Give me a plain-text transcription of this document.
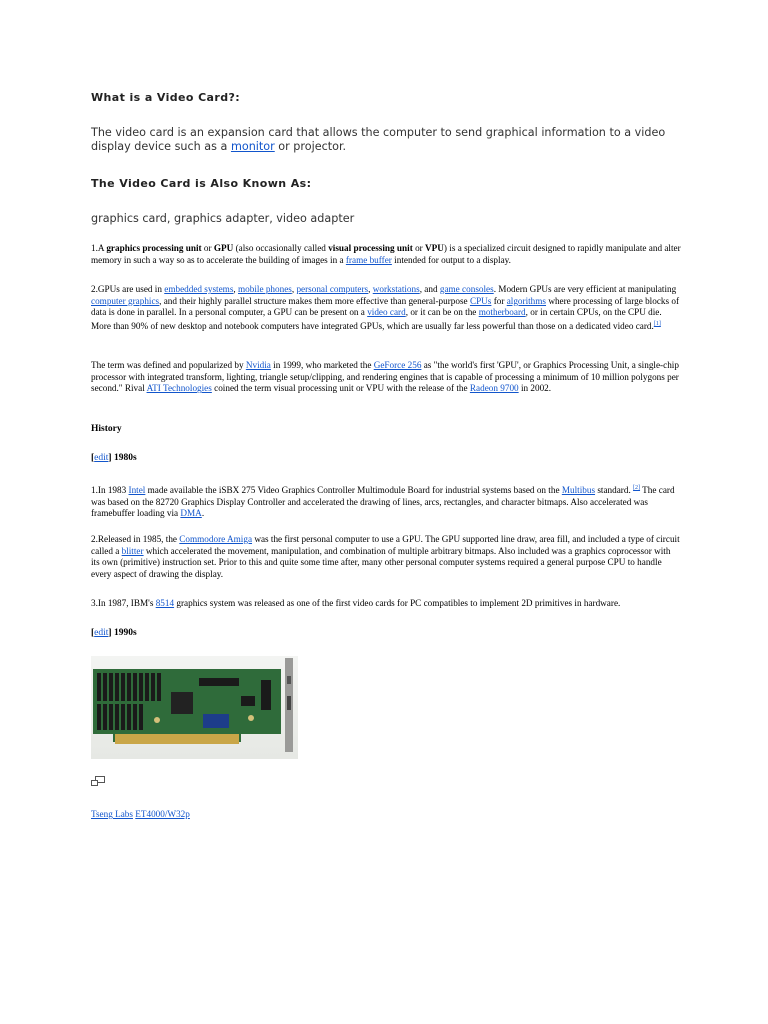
What is a Video Card?:

The video card is an expansion card that allows the computer to send graphical information to a video display device such as a monitor or projector.

The Video Card is Also Known As:

graphics card, graphics adapter, video adapter

1.A graphics processing unit or GPU (also occasionally called visual processing unit or VPU) is a specialized circuit designed to rapidly manipulate and alter memory in such a way so as to accelerate the building of images in a frame buffer intended for output to a display.

2.GPUs are used in embedded systems, mobile phones, personal computers, workstations, and game consoles. Modern GPUs are very efficient at manipulating computer graphics, and their highly parallel structure makes them more effective than general-purpose CPUs for algorithms where processing of large blocks of data is done in parallel. In a personal computer, a GPU can be present on a video card, or it can be on the motherboard, or in certain CPUs, on the CPU die. More than 90% of new desktop and notebook computers have integrated GPUs, which are usually far less powerful than those on a dedicated video card.[1]

The term was defined and popularized by Nvidia in 1999, who marketed the GeForce 256 as "the world's first 'GPU', or Graphics Processing Unit, a single-chip processor with integrated transform, lighting, triangle setup/clipping, and rendering engines that is capable of processing a minimum of 10 million polygons per second." Rival ATI Technologies coined the term visual processing unit or VPU with the release of the Radeon 9700 in 2002.

History

[edit] 1980s

1.In 1983 Intel made available the iSBX 275 Video Graphics Controller Multimodule Board for industrial systems based on the Multibus standard. [2] The card was based on the 82720 Graphics Display Controller and accelerated the drawing of lines, arcs, rectangles, and character bitmaps. Also accelerated was framebuffer loading via DMA.

2.Released in 1985, the Commodore Amiga was the first personal computer to use a GPU. The GPU supported line draw, area fill, and included a type of circuit called a blitter which accelerated the movement, manipulation, and combination of multiple arbitrary bitmaps. Also included was a graphics coprocessor with its own (primitive) instruction set. Prior to this and quite some time after, many other personal computer systems required a general purpose CPU to handle every aspect of drawing the display.

3.In 1987, IBM's 8514 graphics system was released as one of the first video cards for PC compatibles to implement 2D primitives in hardware.

[edit] 1990s

Tseng Labs ET4000/W32p
